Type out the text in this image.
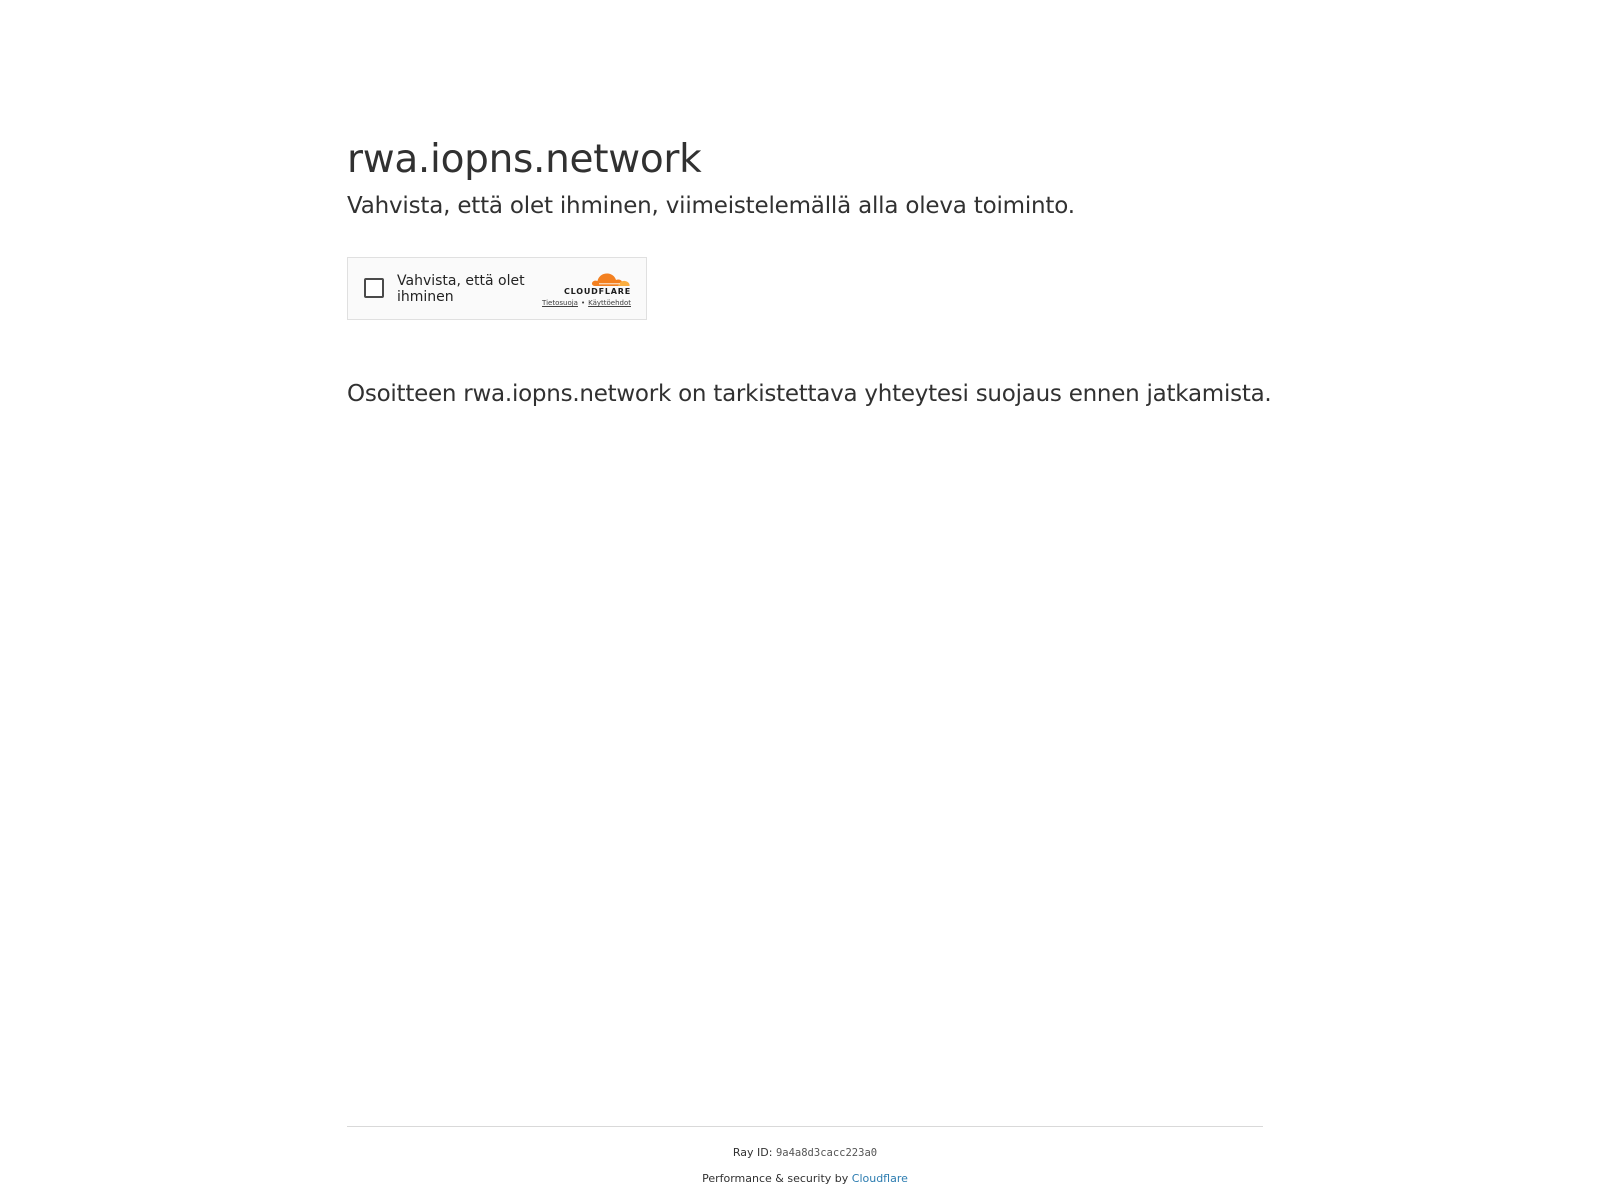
rwa.iopns.network

Vahvista, että olet ihminen, viimeistelemällä alla oleva toiminto.

Vahvista, että olet ihminen	CLOUDFLARE
Tietosuoja • Käyttöehdot

Osoitteen rwa.iopns.network on tarkistettava yhteytesi suojaus ennen jatkamista.

Ray ID: 9a4a8d3cacc223a0
Performance & security by Cloudflare
